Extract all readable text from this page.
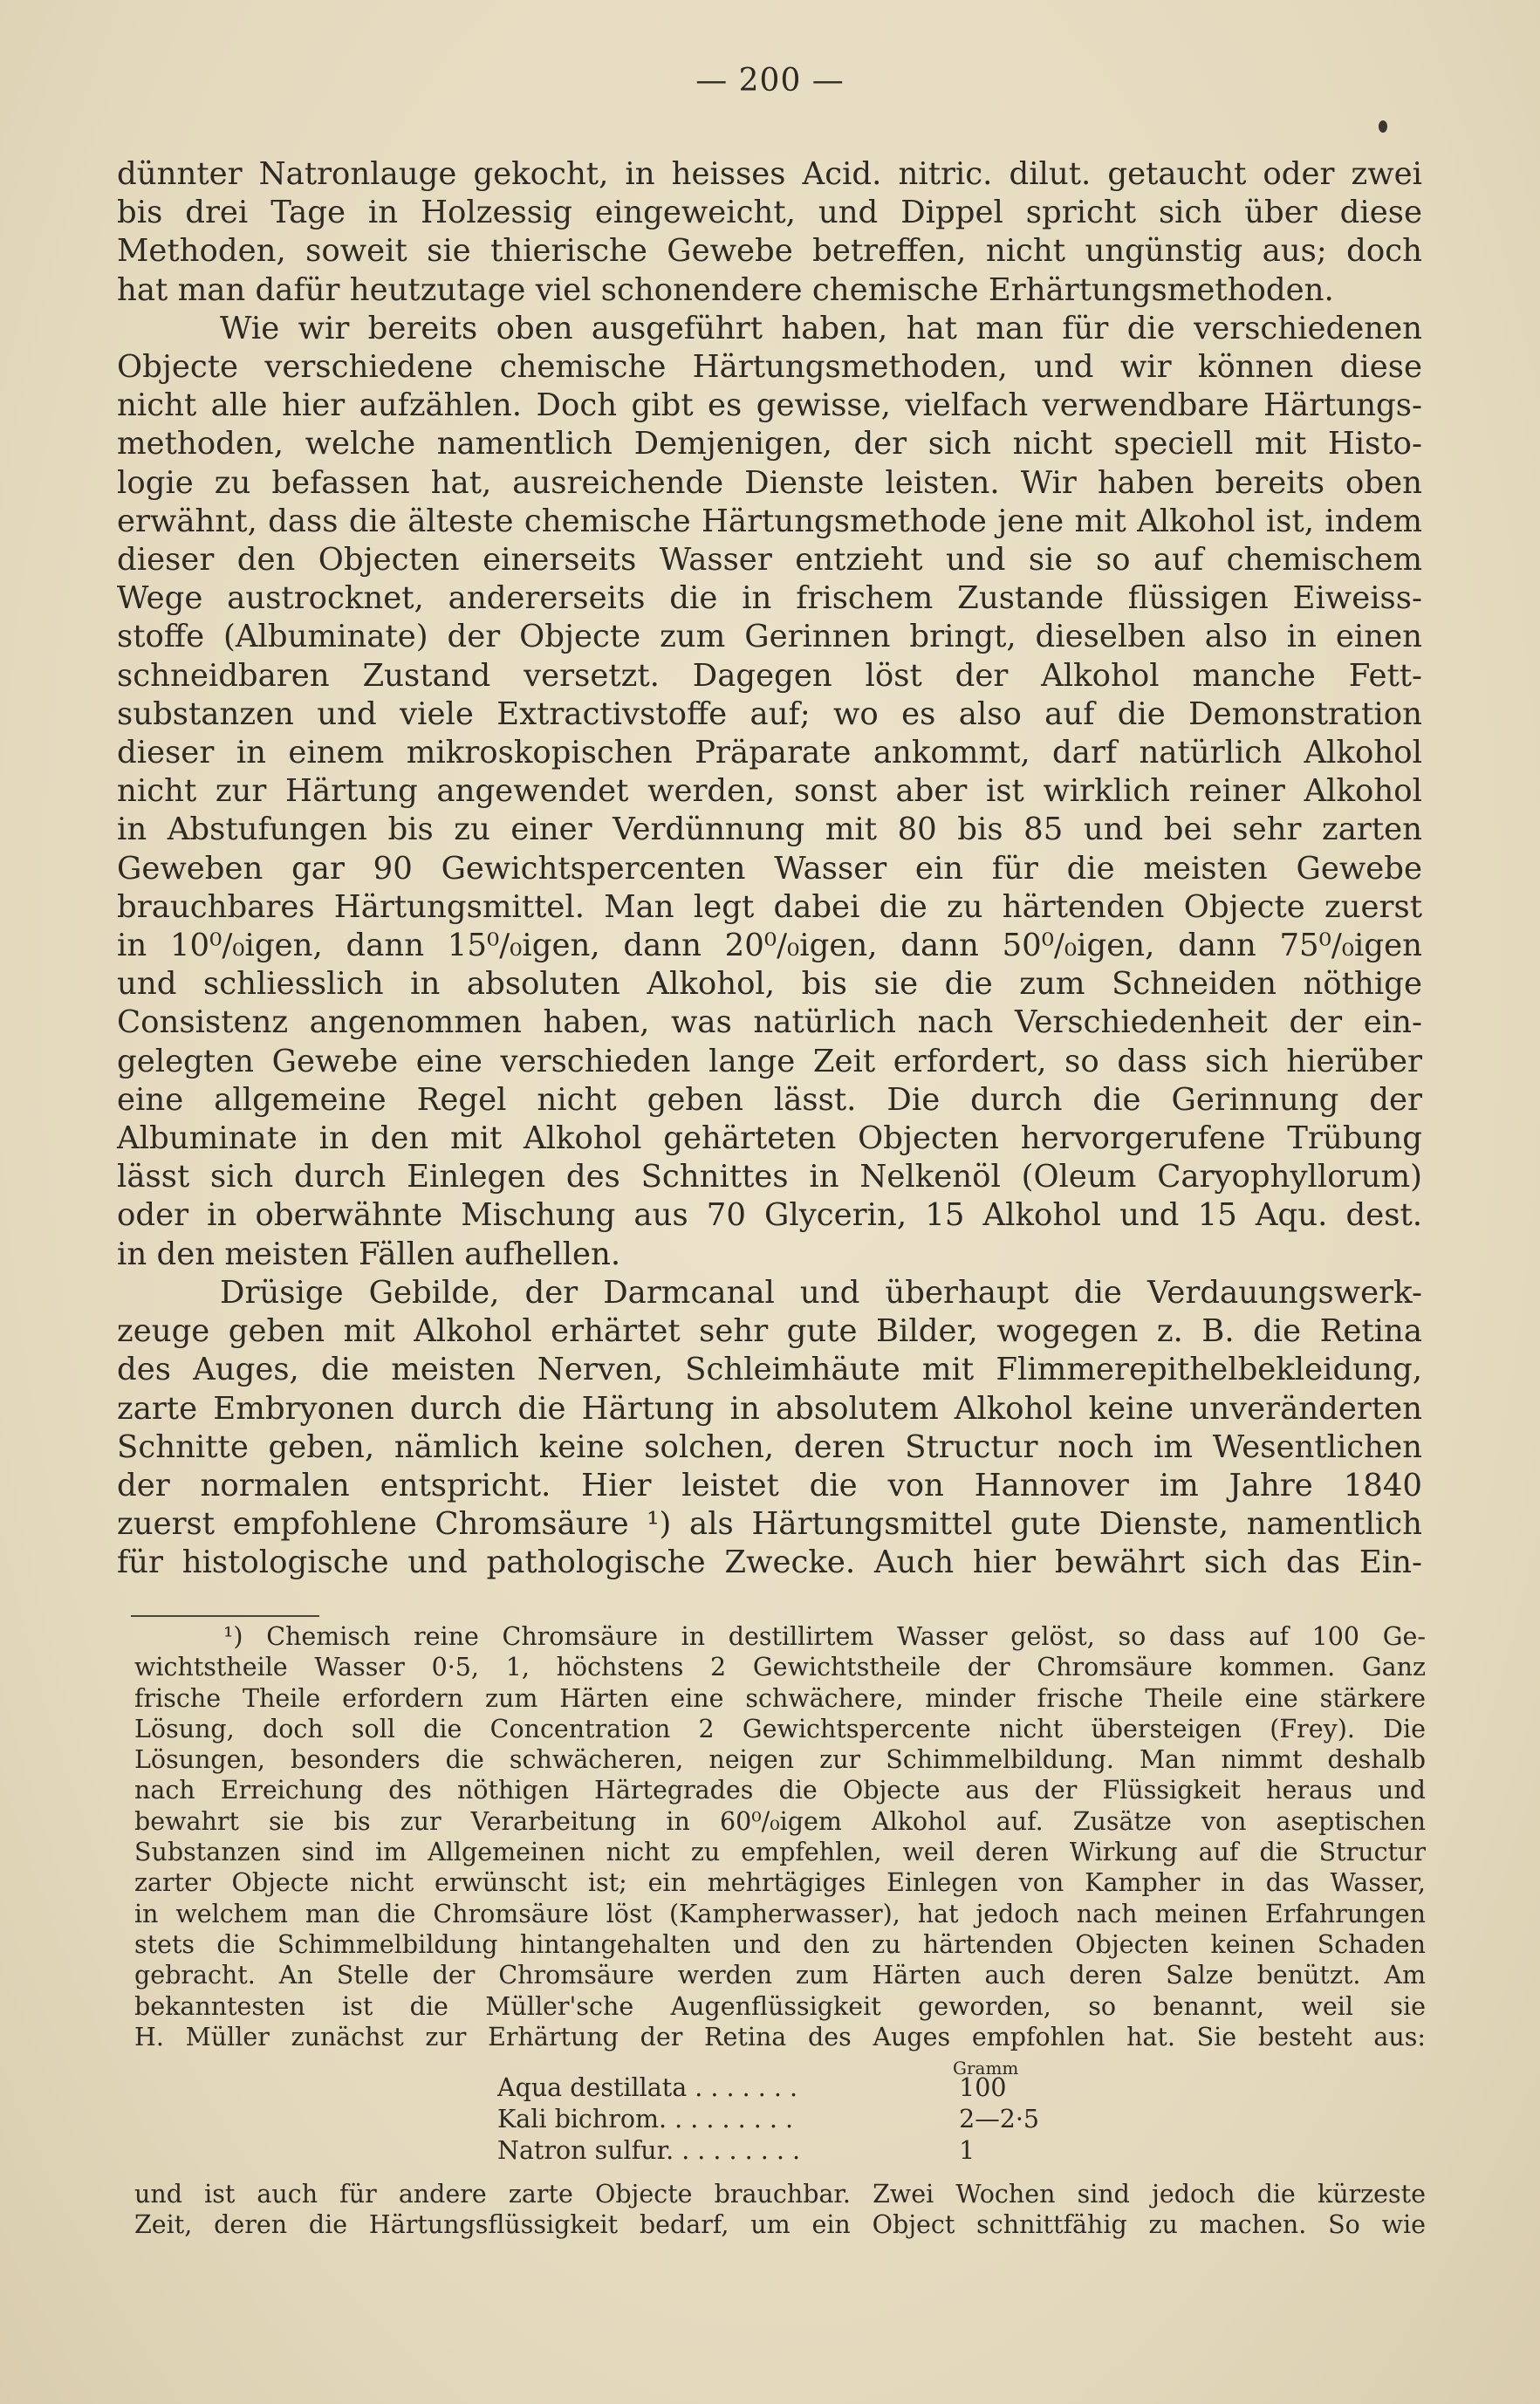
— 200 —
dünnter Natronlauge gekocht, in heisses Acid. nitric. dilut. getaucht oder zwei
bis drei Tage in Holzessig eingeweicht, und Dippel spricht sich über diese
Methoden, soweit sie thierische Gewebe betreffen, nicht ungünstig aus; doch
hat man dafür heutzutage viel schonendere chemische Erhärtungsmethoden.
Wie wir bereits oben ausgeführt haben, hat man für die verschiedenen
Objecte verschiedene chemische Härtungsmethoden, und wir können diese
nicht alle hier aufzählen. Doch gibt es gewisse, vielfach verwendbare Härtungs-
methoden, welche namentlich Demjenigen, der sich nicht speciell mit Histo-
logie zu befassen hat, ausreichende Dienste leisten. Wir haben bereits oben
erwähnt, dass die älteste chemische Härtungsmethode jene mit Alkohol ist, indem
dieser den Objecten einerseits Wasser entzieht und sie so auf chemischem
Wege austrocknet, andererseits die in frischem Zustande flüssigen Eiweiss-
stoffe (Albuminate) der Objecte zum Gerinnen bringt, dieselben also in einen
schneidbaren Zustand versetzt. Dagegen löst der Alkohol manche Fett-
substanzen und viele Extractivstoffe auf; wo es also auf die Demonstration
dieser in einem mikroskopischen Präparate ankommt, darf natürlich Alkohol
nicht zur Härtung angewendet werden, sonst aber ist wirklich reiner Alkohol
in Abstufungen bis zu einer Verdünnung mit 80 bis 85 und bei sehr zarten
Geweben gar 90 Gewichtspercenten Wasser ein für die meisten Gewebe
brauchbares Härtungsmittel. Man legt dabei die zu härtenden Objecte zuerst
in 10⁰/₀igen, dann 15⁰/₀igen, dann 20⁰/₀igen, dann 50⁰/₀igen, dann 75⁰/₀igen
und schliesslich in absoluten Alkohol, bis sie die zum Schneiden nöthige
Consistenz angenommen haben, was natürlich nach Verschiedenheit der ein-
gelegten Gewebe eine verschieden lange Zeit erfordert, so dass sich hierüber
eine allgemeine Regel nicht geben lässt. Die durch die Gerinnung der
Albuminate in den mit Alkohol gehärteten Objecten hervorgerufene Trübung
lässt sich durch Einlegen des Schnittes in Nelkenöl (Oleum Caryophyllorum)
oder in oberwähnte Mischung aus 70 Glycerin, 15 Alkohol und 15 Aqu. dest.
in den meisten Fällen aufhellen.
Drüsige Gebilde, der Darmcanal und überhaupt die Verdauungswerk-
zeuge geben mit Alkohol erhärtet sehr gute Bilder, wogegen z. B. die Retina
des Auges, die meisten Nerven, Schleimhäute mit Flimmerepithelbekleidung,
zarte Embryonen durch die Härtung in absolutem Alkohol keine unveränderten
Schnitte geben, nämlich keine solchen, deren Structur noch im Wesentlichen
der normalen entspricht. Hier leistet die von Hannover im Jahre 1840
zuerst empfohlene Chromsäure ¹) als Härtungsmittel gute Dienste, namentlich
für histologische und pathologische Zwecke. Auch hier bewährt sich das Ein-
¹) Chemisch reine Chromsäure in destillirtem Wasser gelöst, so dass auf 100 Ge-
wichtstheile Wasser 0·5, 1, höchstens 2 Gewichtstheile der Chromsäure kommen. Ganz
frische Theile erfordern zum Härten eine schwächere, minder frische Theile eine stärkere
Lösung, doch soll die Concentration 2 Gewichtspercente nicht übersteigen (Frey). Die
Lösungen, besonders die schwächeren, neigen zur Schimmelbildung. Man nimmt deshalb
nach Erreichung des nöthigen Härtegrades die Objecte aus der Flüssigkeit heraus und
bewahrt sie bis zur Verarbeitung in 60⁰/₀igem Alkohol auf. Zusätze von aseptischen
Substanzen sind im Allgemeinen nicht zu empfehlen, weil deren Wirkung auf die Structur
zarter Objecte nicht erwünscht ist; ein mehrtägiges Einlegen von Kampher in das Wasser,
in welchem man die Chromsäure löst (Kampherwasser), hat jedoch nach meinen Erfahrungen
stets die Schimmelbildung hintangehalten und den zu härtenden Objecten keinen Schaden
gebracht. An Stelle der Chromsäure werden zum Härten auch deren Salze benützt. Am
bekanntesten ist die Müller'sche Augenflüssigkeit geworden, so benannt, weil sie
H. Müller zunächst zur Erhärtung der Retina des Auges empfohlen hat. Sie besteht aus:
Gramm
Aqua destillata . . . . . . .	100
Kali bichrom. . . . . . . . .	2—2·5
Natron sulfur. . . . . . . . .	1
und ist auch für andere zarte Objecte brauchbar. Zwei Wochen sind jedoch die kürzeste
Zeit, deren die Härtungsflüssigkeit bedarf, um ein Object schnittfähig zu machen. So wie
